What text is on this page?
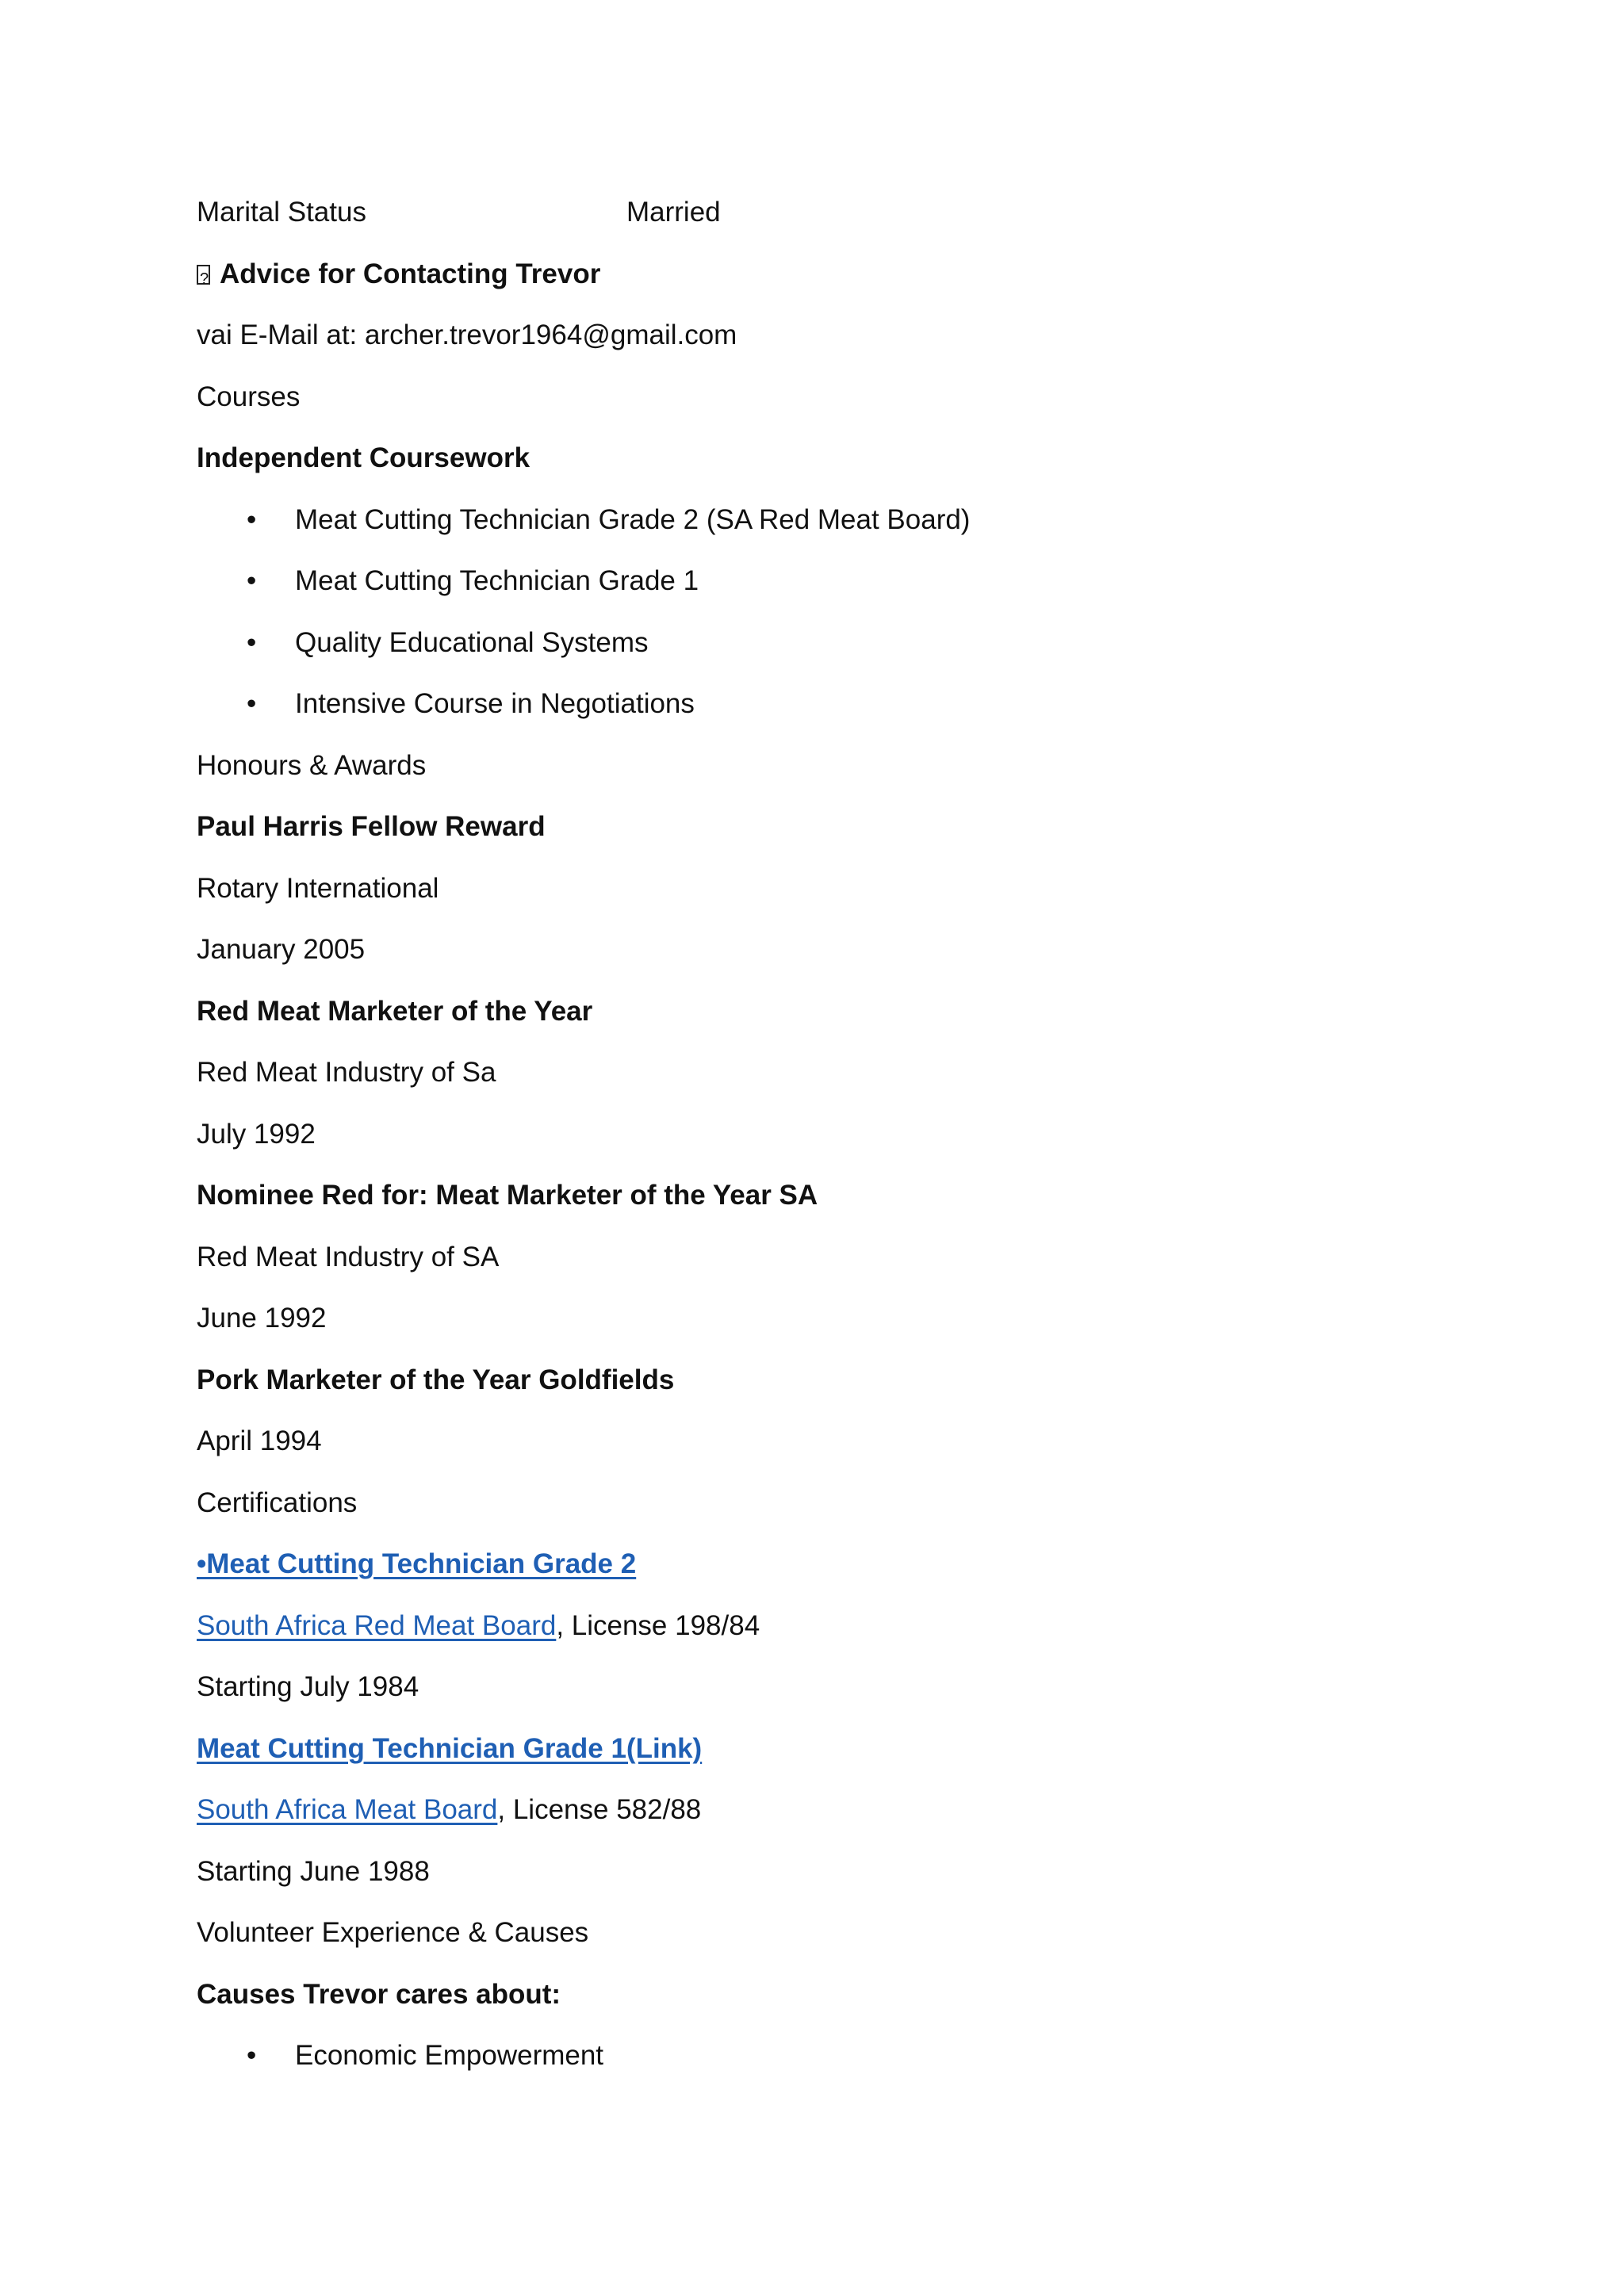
Marital Status	Married
?Advice for Contacting Trevor
vai E-Mail at: archer.trevor1964@gmail.com
Courses
Independent Coursework
• Meat Cutting Technician Grade 2 (SA Red Meat Board)
• Meat Cutting Technician Grade 1
• Quality Educational Systems
• Intensive Course in Negotiations
Honours & Awards
Paul Harris Fellow Reward
Rotary International
January 2005
Red Meat Marketer of the Year
Red Meat Industry of Sa
July 1992
Nominee Red for: Meat Marketer of the Year SA
Red Meat Industry of SA
June 1992
Pork Marketer of the Year Goldfields
April 1994
Certifications
•Meat Cutting Technician Grade 2
South Africa Red Meat Board, License 198/84
Starting July 1984
Meat Cutting Technician Grade 1(Link)
South Africa Meat Board, License 582/88
Starting June 1988
Volunteer Experience & Causes
Causes Trevor cares about:
• Economic Empowerment
